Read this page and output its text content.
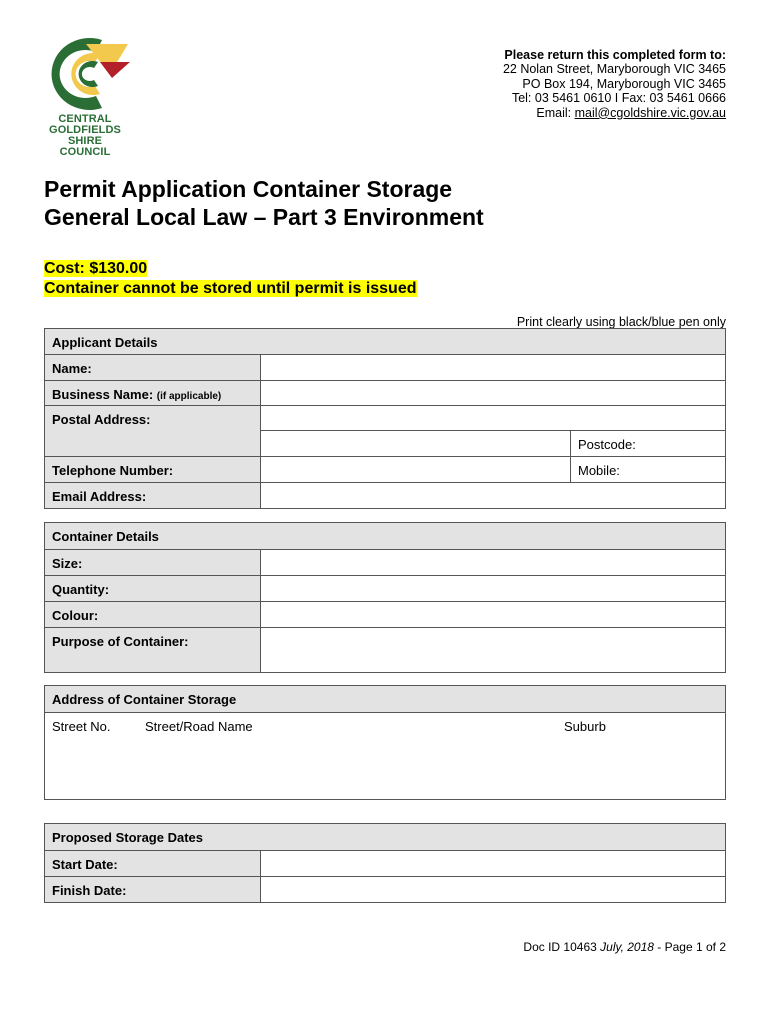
CENTRAL
GOLDFIELDS
SHIRE
COUNCIL
Please return this completed form to:
22 Nolan Street, Maryborough VIC 3465
PO Box 194, Maryborough VIC 3465
Tel: 03 5461 0610 I Fax: 03 5461 0666
Email: mail@cgoldshire.vic.gov.au
Permit Application Container Storage
General Local Law – Part 3 Environment
Cost: $130.00
Container cannot be stored until permit is issued
Print clearly using black/blue pen only
Applicant Details		
Name:		
Business Name: (if applicable)		
Postal Address:		
		Postcode:
Telephone Number:		Mobile:
Email Address:		
Container Details	
Size:	
Quantity:	
Colour:	
Purpose of Container:	
Address of Container Storage

Street No.	Street/Road Name	Suburb
Proposed Storage Dates	
Start Date:	
Finish Date:	
Doc ID 10463 July, 2018 - Page 1 of 2
